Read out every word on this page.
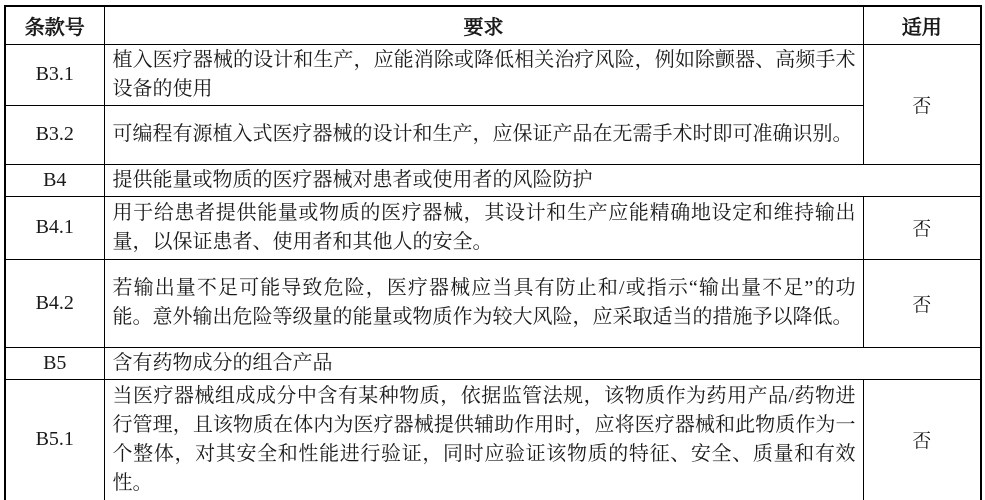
条款号	要求	适用
B3.1	植入医疗器械的设计和生产，应能消除或降低相关治疗风险，例如除颤器、高频手术设备的使用	否
B3.2	可编程有源植入式医疗器械的设计和生产，应保证产品在无需手术时即可准确识别。	
B4	提供能量或物质的医疗器械对患者或使用者的风险防护	
B4.1	用于给患者提供能量或物质的医疗器械，其设计和生产应能精确地设定和维持输出量，以保证患者、使用者和其他人的安全。	否
B4.2	若输出量不足可能导致危险，医疗器械应当具有防止和/或指示“输出量不足”的功能。意外输出危险等级量的能量或物质作为较大风险，应采取适当的措施予以降低。	否
B5	含有药物成分的组合产品	
B5.1	当医疗器械组成成分中含有某种物质，依据监管法规，该物质作为药用产品/药物进行管理，且该物质在体内为医疗器械提供辅助作用时，应将医疗器械和此物质作为一个整体，对其安全和性能进行验证，同时应验证该物质的特征、安全、质量和有效性。	否
